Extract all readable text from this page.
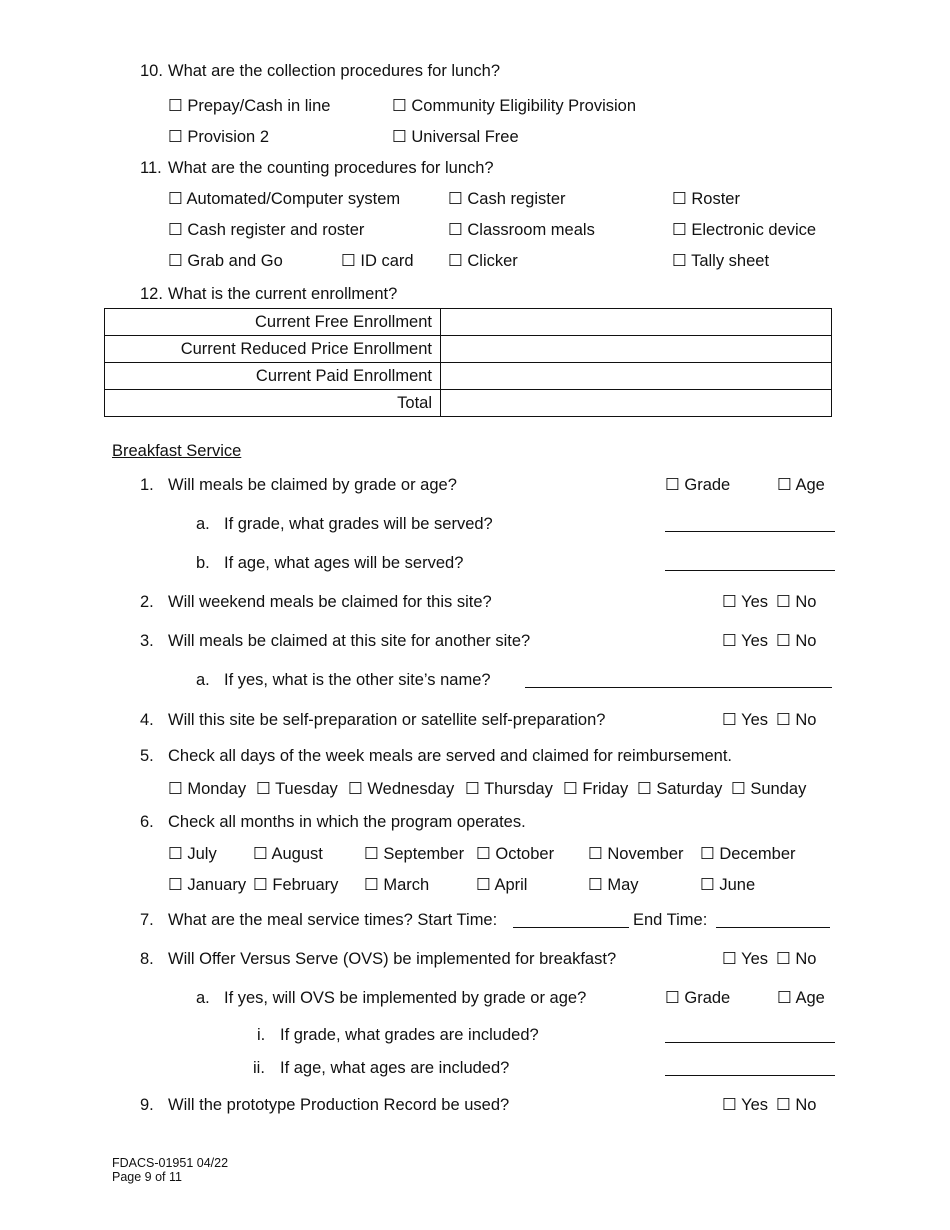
10. What are the collection procedures for lunch?
☐ Prepay/Cash in line	☐ Community Eligibility Provision
☐ Provision 2	☐ Universal Free
11. What are the counting procedures for lunch?
☐ Automated/Computer system	☐ Cash register	☐ Roster
☐ Cash register and roster	☐ Classroom meals	☐ Electronic device
☐ Grab and Go	☐ ID card ☐ Clicker	☐ Tally sheet
12. What is the current enrollment?
Current Free Enrollment	
Current Reduced Price Enrollment	
Current Paid Enrollment	
Total	
Breakfast Service
1. Will meals be claimed by grade or age?	☐ Grade	☐ Age
a. If grade, what grades will be served?
b. If age, what ages will be served?
2. Will weekend meals be claimed for this site?	☐ Yes ☐ No
3. Will meals be claimed at this site for another site?	☐ Yes ☐ No
a. If yes, what is the other site’s name?
4. Will this site be self-preparation or satellite self-preparation?	☐ Yes ☐ No
5. Check all days of the week meals are served and claimed for reimbursement.
☐ Monday ☐ Tuesday ☐ Wednesday ☐ Thursday ☐ Friday ☐ Saturday ☐ Sunday
6. Check all months in which the program operates.
☐ July ☐ August ☐ September ☐ October ☐ November ☐ December
☐ January ☐ February ☐ March	☐ April	☐ May	☐ June
7. What are the meal service times? Start Time:	End Time:
8. Will Offer Versus Serve (OVS) be implemented for breakfast?	☐ Yes ☐ No
a. If yes, will OVS be implemented by grade or age?	☐ Grade	☐ Age
i. If grade, what grades are included?
ii. If age, what ages are included?
9. Will the prototype Production Record be used?	☐ Yes ☐ No
FDACS-01951 04/22
Page 9 of 11
